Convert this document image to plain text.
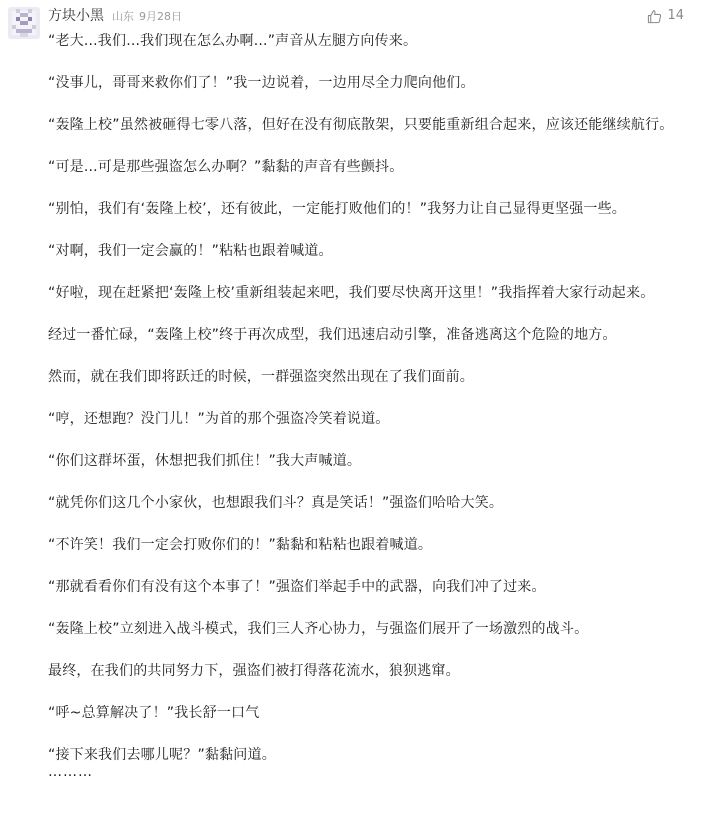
方块小黑 山东 9月28日	14

“老大...我们...我们现在怎么办啊...”声音从左腿方向传来。

“没事儿，哥哥来救你们了！”我一边说着，一边用尽全力爬向他们。

“轰隆上校”虽然被砸得七零八落，但好在没有彻底散架，只要能重新组合起来，应该还能继续航行。

“可是...可是那些强盗怎么办啊？”黏黏的声音有些颤抖。

“别怕，我们有‘轰隆上校’，还有彼此，一定能打败他们的！”我努力让自己显得更坚强一些。

“对啊，我们一定会赢的！”粘粘也跟着喊道。

“好啦，现在赶紧把‘轰隆上校’重新组装起来吧，我们要尽快离开这里！”我指挥着大家行动起来。

经过一番忙碌，“轰隆上校”终于再次成型，我们迅速启动引擎，准备逃离这个危险的地方。

然而，就在我们即将跃迁的时候，一群强盗突然出现在了我们面前。

“哼，还想跑？没门儿！”为首的那个强盗冷笑着说道。

“你们这群坏蛋，休想把我们抓住！”我大声喊道。

“就凭你们这几个小家伙，也想跟我们斗？真是笑话！”强盗们哈哈大笑。

“不许笑！我们一定会打败你们的！”黏黏和粘粘也跟着喊道。

“那就看看你们有没有这个本事了！”强盗们举起手中的武器，向我们冲了过来。

“轰隆上校”立刻进入战斗模式，我们三人齐心协力，与强盗们展开了一场激烈的战斗。

最终，在我们的共同努力下，强盗们被打得落花流水，狼狈逃窜。

“呼~总算解决了！”我长舒一口气

“接下来我们去哪儿呢？”黏黏问道。

………
